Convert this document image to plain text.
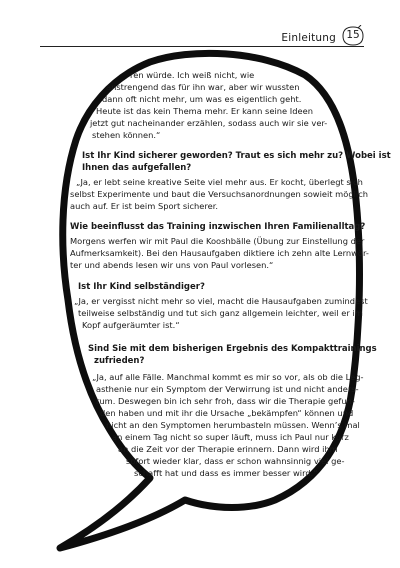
Einleitung 15
ren würde. Ich weiß nicht, wie
anstrengend das für ihn war, aber wir wussten
dann oft nicht mehr, um was es eigentlich geht.
Heute ist das kein Thema mehr. Er kann seine Ideen
jetzt gut nacheinander erzählen, sodass auch wir sie ver-
stehen können.“
Ist Ihr Kind sicherer geworden? Traut es sich mehr zu? Wobei ist
Ihnen das aufgefallen?
„Ja, er lebt seine kreative Seite viel mehr aus. Er kocht, überlegt sich
selbst Experimente und baut die Versuchsanordnungen sowieit möglich
auch auf. Er ist beim Sport sicherer.
Wie beeinflusst das Training inzwischen Ihren Familienalltag?
Morgens werfen wir mit Paul die Kooshbälle (Übung zur Einstellung der
Aufmerksamkeit). Bei den Hausaufgaben diktiere ich zehn alte Lernwör-
ter und abends lesen wir uns von Paul vorlesen.“
Ist Ihr Kind selbständiger?
„Ja, er vergisst nicht mehr so viel, macht die Hausaufgaben zumindest
teilweise selbständig und tut sich ganz allgemein leichter, weil er im
Kopf aufgeräumter ist.“
Sind Sie mit dem bisherigen Ergebnis des Kompakttrainings
zufrieden?
„Ja, auf alle Fälle. Manchmal kommt es mir so vor, als ob die Leg-
asthenie nur ein Symptom der Verwirrung ist und nicht anders-
rum. Deswegen bin ich sehr froh, dass wir die Therapie gefun-
den haben und mit ihr die Ursache „bekämpfen“ können und
nicht an den Symptomen herumbasteln müssen. Wenn’s mal
an einem Tag nicht so super läuft, muss ich Paul nur kurz
an die Zeit vor der Therapie erinnern. Dann wird ihm
sofort wieder klar, dass er schon wahnsinnig viel ge-
schafft hat und dass es immer besser wird.“
